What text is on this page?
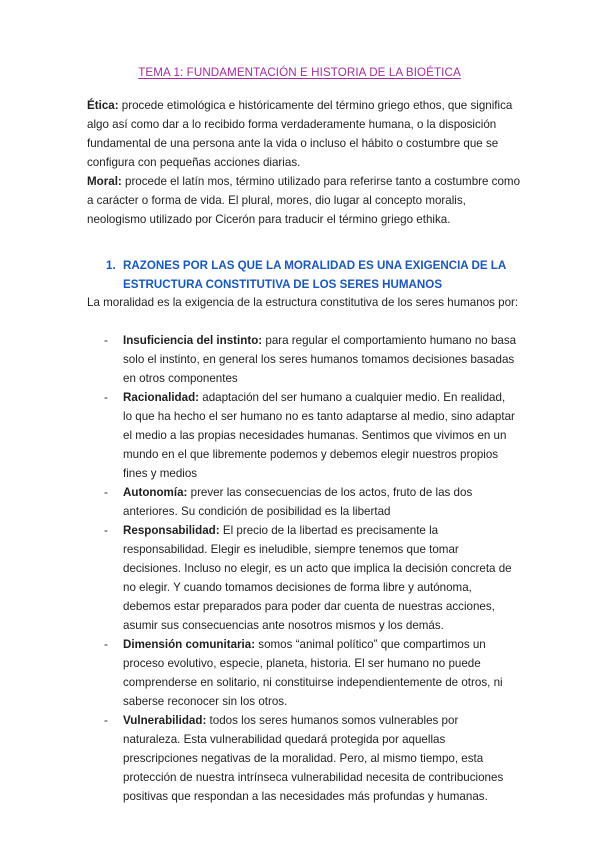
TEMA 1: FUNDAMENTACIÓN E HISTORIA DE LA BIOÉTICA

Ética: procede etimológica e históricamente del término griego ethos, que significa algo así como dar a lo recibido forma verdaderamente humana, o la disposición fundamental de una persona ante la vida o incluso el hábito o costumbre que se configura con pequeñas acciones diarias.

Moral: procede el latín mos, término utilizado para referirse tanto a costumbre como a carácter o forma de vida. El plural, mores, dio lugar al concepto moralis, neologismo utilizado por Cicerón para traducir el término griego ethika.

1. RAZONES POR LAS QUE LA MORALIDAD ES UNA EXIGENCIA DE LA ESTRUCTURA CONSTITUTIVA DE LOS SERES HUMANOS

La moralidad es la exigencia de la estructura constitutiva de los seres humanos por:

- Insuficiencia del instinto: para regular el comportamiento humano no basa solo el instinto, en general los seres humanos tomamos decisiones basadas en otros componentes
- Racionalidad: adaptación del ser humano a cualquier medio. En realidad, lo que ha hecho el ser humano no es tanto adaptarse al medio, sino adaptar el medio a las propias necesidades humanas. Sentimos que vivimos en un mundo en el que libremente podemos y debemos elegir nuestros propios fines y medios
- Autonomía: prever las consecuencias de los actos, fruto de las dos anteriores. Su condición de posibilidad es la libertad
- Responsabilidad: El precio de la libertad es precisamente la responsabilidad. Elegir es ineludible, siempre tenemos que tomar decisiones. Incluso no elegir, es un acto que implica la decisión concreta de no elegir. Y cuando tomamos decisiones de forma libre y autónoma, debemos estar preparados para poder dar cuenta de nuestras acciones, asumir sus consecuencias ante nosotros mismos y los demás.
- Dimensión comunitaria: somos “animal político” que compartimos un proceso evolutivo, especie, planeta, historia. El ser humano no puede comprenderse en solitario, ni constituirse independientemente de otros, ni saberse reconocer sin los otros.
- Vulnerabilidad: todos los seres humanos somos vulnerables por naturaleza. Esta vulnerabilidad quedará protegida por aquellas prescripciones negativas de la moralidad. Pero, al mismo tiempo, esta protección de nuestra intrínseca vulnerabilidad necesita de contribuciones positivas que respondan a las necesidades más profundas y humanas.
